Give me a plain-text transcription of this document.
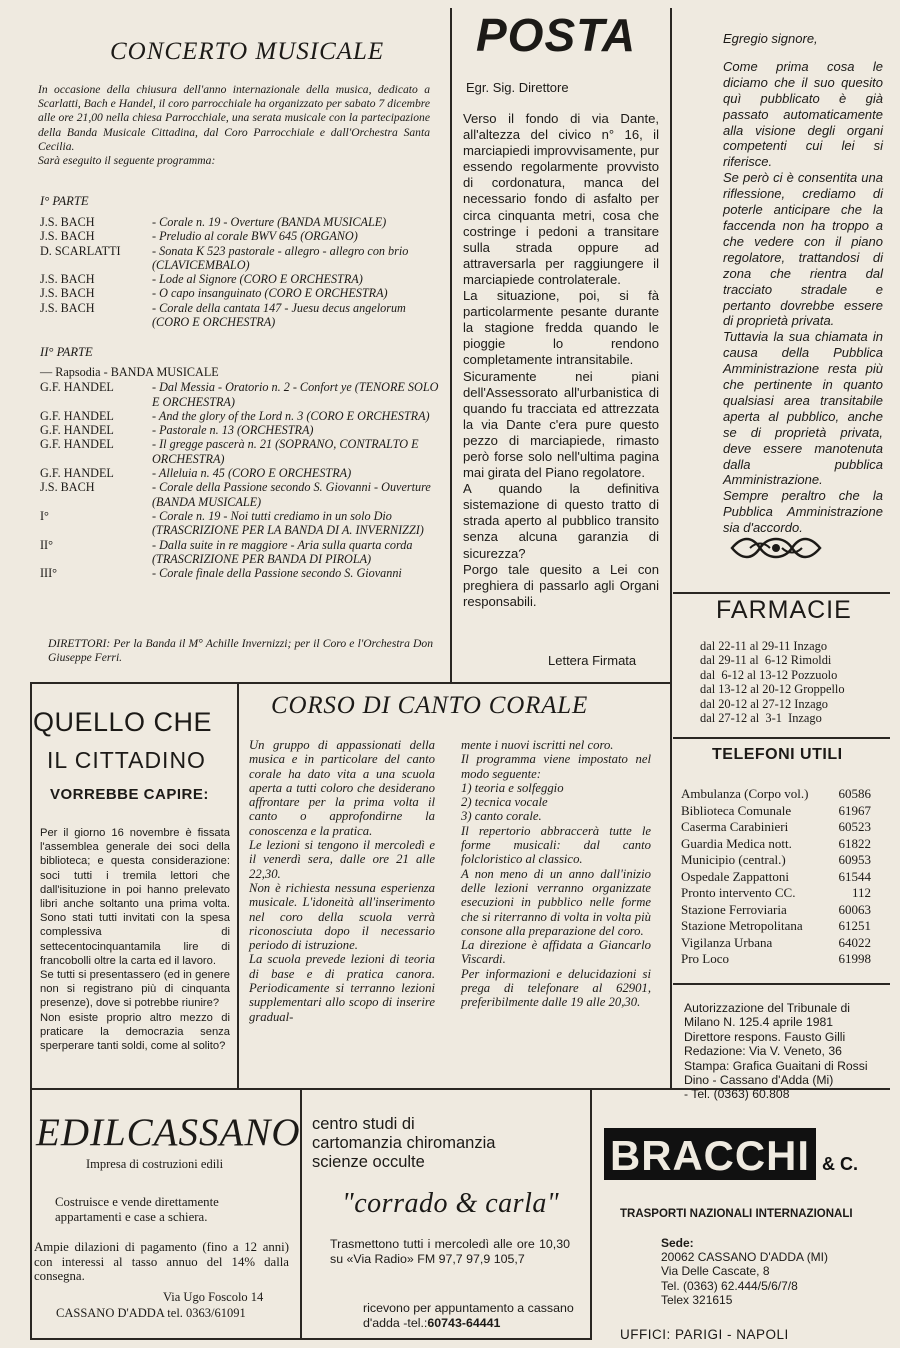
CONCERTO MUSICALE
In occasione della chiusura dell'anno internazionale della musica, dedicato a Scarlatti, Bach e Handel, il coro parrocchiale ha organizzato per sabato 7 dicembre alle ore 21,00 nella chiesa Parrocchiale, una serata musicale con la partecipazione della Banda Musicale Cittadina, dal Coro Parrocchiale e dall'Orchestra Santa Cecilia.
Sarà eseguito il seguente programma:
I° PARTE
J.S. BACH	- Corale n. 19 - Overture (BANDA MUSICALE)
J.S. BACH	- Preludio al corale BWV 645 (ORGANO)
D. SCARLATTI	- Sonata K 523 pastorale - allegro - allegro con brio (CLAVICEMBALO)
J.S. BACH	- Lode al Signore (CORO E ORCHESTRA)
J.S. BACH	- O capo insanguinato (CORO E ORCHESTRA)
J.S. BACH	- Corale della cantata 147 - Juesu decus angelorum (CORO E ORCHESTRA)
II° PARTE
— Rapsodia - BANDA MUSICALE
G.F. HANDEL	- Dal Messia - Oratorio n. 2 - Confort ye (TENORE SOLO E ORCHESTRA)
G.F. HANDEL	- And the glory of the Lord n. 3 (CORO E ORCHESTRA)
G.F. HANDEL	- Pastorale n. 13 (ORCHESTRA)
G.F. HANDEL	- Il gregge pascerà n. 21 (SOPRANO, CONTRALTO E ORCHESTRA)
G.F. HANDEL	- Alleluia n. 45 (CORO E ORCHESTRA)
J.S. BACH	- Corale della Passione secondo S. Giovanni - Ouverture (BANDA MUSICALE)
I°	- Corale n. 19 - Noi tutti crediamo in un solo Dio (TRASCRIZIONE PER LA BANDA DI A. INVERNIZZI)
II°	- Dalla suite in re maggiore - Aria sulla quarta corda (TRASCRIZIONE PER BANDA DI PIROLA)
III°	- Corale finale della Passione secondo S. Giovanni
DIRETTORI: Per la Banda il M° Achille Invernizzi; per il Coro e l'Orchestra Don Giuseppe Ferri.
POSTA
Egr. Sig. Direttore

Verso il fondo di via Dante, all'altezza del civico n° 16, il marciapiedi improvvisamente, pur essendo regolarmente provvisto di cordonatura, manca del necessario fondo di asfalto per circa cinquanta metri, cosa che costringe i pedoni a transitare sulla strada oppure ad attraversarla per raggiungere il marciapiede controlaterale.

La situazione, poi, si fà particolarmente pesante durante la stagione fredda quando le pioggie lo rendono completamente intransitabile.

Sicuramente nei piani dell'Assessorato all'urbanistica di quando fu tracciata ed attrezzata la via Dante c'era pure questo pezzo di marciapiede, rimasto però forse solo nell'ultima pagina mai girata del Piano regolatore.

A quando la definitiva sistemazione di questo tratto di strada aperto al pubblico transito senza alcuna garanzia di sicurezza?

Porgo tale quesito a Lei con preghiera di passarlo agli Organi responsabili.

Lettera Firmata

Egregio signore,

Come prima cosa le diciamo che il suo quesito quì pubblicato è già passato automaticamente alla visione degli organi competenti cui lei si riferisce.

Se però ci è consentita una riflessione, crediamo di poterle anticipare che la faccenda non ha troppo a che vedere con il piano regolatore, trattandosi di zona che rientra dal tracciato stradale e pertanto dovrebbe essere di proprietà privata.

Tuttavia la sua chiamata in causa della Pubblica Amministrazione resta più che pertinente in quanto qualsiasi area transitabile aperta al pubblico, anche se di proprietà privata, deve essere manotenuta dalla pubblica Amministrazione.

Sempre peraltro che la Pubblica Amministrazione sia d'accordo.

FARMACIE
dal 22-11 al 29-11 Inzago
dal 29-11 al  6-12 Rimoldi
dal  6-12 al 13-12 Pozzuolo
dal 13-12 al 20-12 Groppello
dal 20-12 al 27-12 Inzago
dal 27-12 al  3-1  Inzago
TELEFONI UTILI
Ambulanza (Corpo vol.) 60586
Biblioteca Comunale	61967
Caserma Carabinieri	60523
Guardia Medica nott.	61822
Municipio (central.)	60953
Ospedale Zappattoni	61544
Pronto intervento CC.	112
Stazione Ferroviaria	60063
Stazione Metropolitana	61251
Vigilanza Urbana	64022
Pro Loco	61998
Autorizzazione del Tribunale di
Milano N. 125.4 aprile 1981
Direttore respons. Fausto Gilli
Redazione: Via V. Veneto, 36
Stampa: Grafica Guaitani di Rossi Dino - Cassano d'Adda (Mi)
- Tel. (0363) 60.808
QUELLO CHE
IL CITTADINO
VORREBBE CAPIRE:

Per il giorno 16 novembre è fissata l'assemblea generale dei soci della biblioteca; e questa considerazione: soci tutti i tremila lettori che dall'isituzione in poi hanno prelevato libri anche soltanto una prima volta. Sono stati tutti invitati con la spesa complessiva di settecentocinquantamila lire di francobolli oltre la carta ed il lavoro.

Se tutti si presentassero (ed in genere non si registrano più di cinquanta presenze), dove si potrebbe riunire?

Non esiste proprio altro mezzo di praticare la democrazia senza sperperare tanti soldi, come al solito?

CORSO DI CANTO CORALE

Un gruppo di appassionati della musica e in particolare del canto corale ha dato vita a una scuola aperta a tutti coloro che desiderano affrontare per la prima volta il canto o approfondirne la conoscenza e la pratica.

Le lezioni si tengono il mercoledì e il venerdì sera, dalle ore 21 alle 22,30.

Non è richiesta nessuna esperienza musicale. L'idoneità all'inserimento nel coro della scuola verrà riconosciuta dopo il necessario periodo di istruzione.

La scuola prevede lezioni di teoria di base e di pratica canora. Periodicamente si terranno lezioni supplementari allo scopo di inserire gradual-

mente i nuovi iscritti nel coro.

Il programma viene impostato nel modo seguente:

1) teoria e solfeggio

2) tecnica vocale

3) canto corale.

Il repertorio abbraccerà tutte le forme musicali: dal canto folcloristico al classico.

A non meno di un anno dall'inizio delle lezioni verranno organizzate esecuzioni in pubblico nelle forme che si riterranno di volta in volta più consone alla preparazione del coro.

La direzione è affidata a Giancarlo Viscardi.

Per informazioni e delucidazioni si prega di telefonare al 62901, preferibilmente dalle 19 alle 20,30.

EDILCASSANO
Impresa di costruzioni edili
Costruisce e vende direttamente appartamenti e case a schiera.
Ampie dilazioni di pagamento (fino a 12 anni) con interessi al tasso annuo del 14% dalla consegna.
Via Ugo Foscolo 14
CASSANO D'ADDA tel. 0363/61091
centro studi di
cartomanzia chiromanzia
scienze occulte
"corrado & carla"
Trasmettono tutti i mercoledì alle ore 10,30 su «Via Radio» FM 97,7 97,9 105,7
ricevono per appuntamento a cassano d'adda -tel.:60743-64441
BRACCHI & C.
TRASPORTI NAZIONALI INTERNAZIONALI
Sede:
20062 CASSANO D'ADDA (MI)
Via Delle Cascate, 8
Tel. (0363) 62.444/5/6/7/8
Telex 321615
UFFICI: PARIGI - NAPOLI
